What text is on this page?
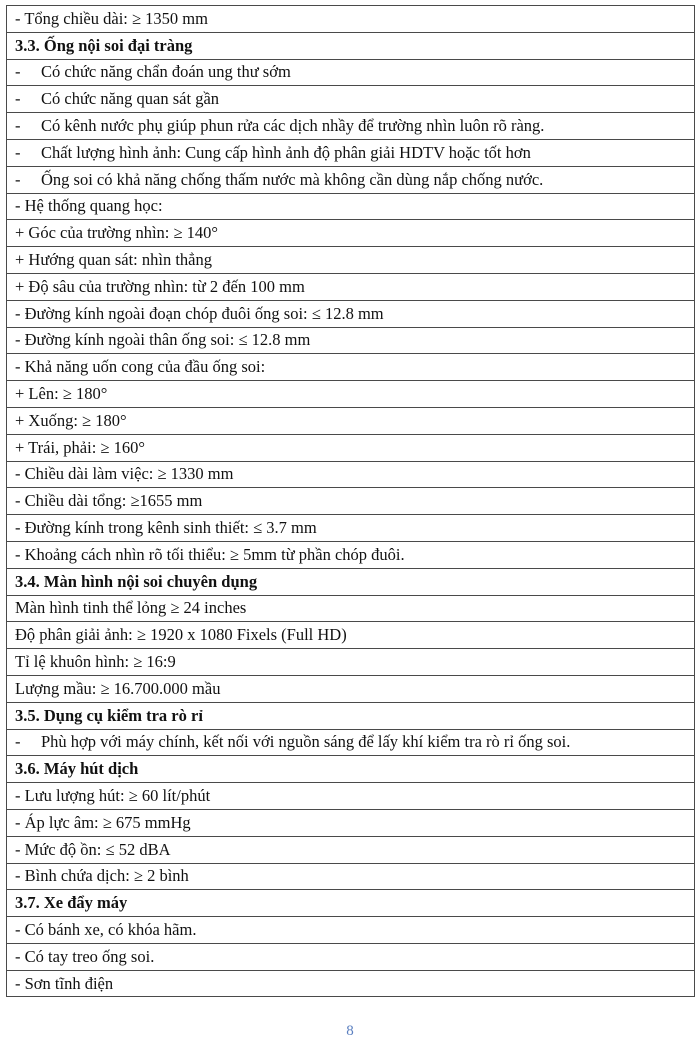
- Tổng chiều dài: ≥ 1350 mm
3.3. Ống nội soi đại tràng
- Có chức năng chẩn đoán ung thư sớm
- Có chức năng quan sát gần
- Có kênh nước phụ giúp phun rửa các dịch nhầy để trường nhìn luôn rõ ràng.
- Chất lượng hình ảnh: Cung cấp hình ảnh độ phân giải HDTV hoặc tốt hơn
- Ống soi có khả năng chống thấm nước mà không cần dùng nắp chống nước.
- Hệ thống quang học:
+ Góc của trường nhìn: ≥ 140°
+ Hướng quan sát: nhìn thẳng
+ Độ sâu của trường nhìn: từ 2 đến 100 mm
- Đường kính ngoài đoạn chóp đuôi ống soi: ≤ 12.8 mm
- Đường kính ngoài thân ống soi: ≤ 12.8 mm
- Khả năng uốn cong của đầu ống soi:
+ Lên: ≥ 180°
+ Xuống: ≥ 180°
+ Trái, phải: ≥ 160°
- Chiều dài làm việc: ≥ 1330 mm
- Chiều dài tổng: ≥1655 mm
- Đường kính trong kênh sinh thiết: ≤ 3.7 mm
- Khoảng cách nhìn rõ tối thiểu: ≥ 5mm từ phần chóp đuôi.
3.4. Màn hình nội soi chuyên dụng
Màn hình tinh thể lỏng ≥ 24 inches
Độ phân giải ảnh: ≥ 1920 x 1080 Fixels (Full HD)
Tỉ lệ khuôn hình: ≥ 16:9
Lượng mầu: ≥ 16.700.000 mầu
3.5. Dụng cụ kiểm tra rò rỉ
- Phù hợp với máy chính, kết nối với nguồn sáng để lấy khí kiểm tra rò rỉ ống soi.
3.6. Máy hút dịch
- Lưu lượng hút: ≥ 60 lít/phút
- Áp lực âm: ≥ 675 mmHg
- Mức độ ồn: ≤ 52 dBA
- Bình chứa dịch: ≥ 2 bình
3.7. Xe đẩy máy
- Có bánh xe, có khóa hãm.
- Có tay treo ống soi.
- Sơn tĩnh điện
8
